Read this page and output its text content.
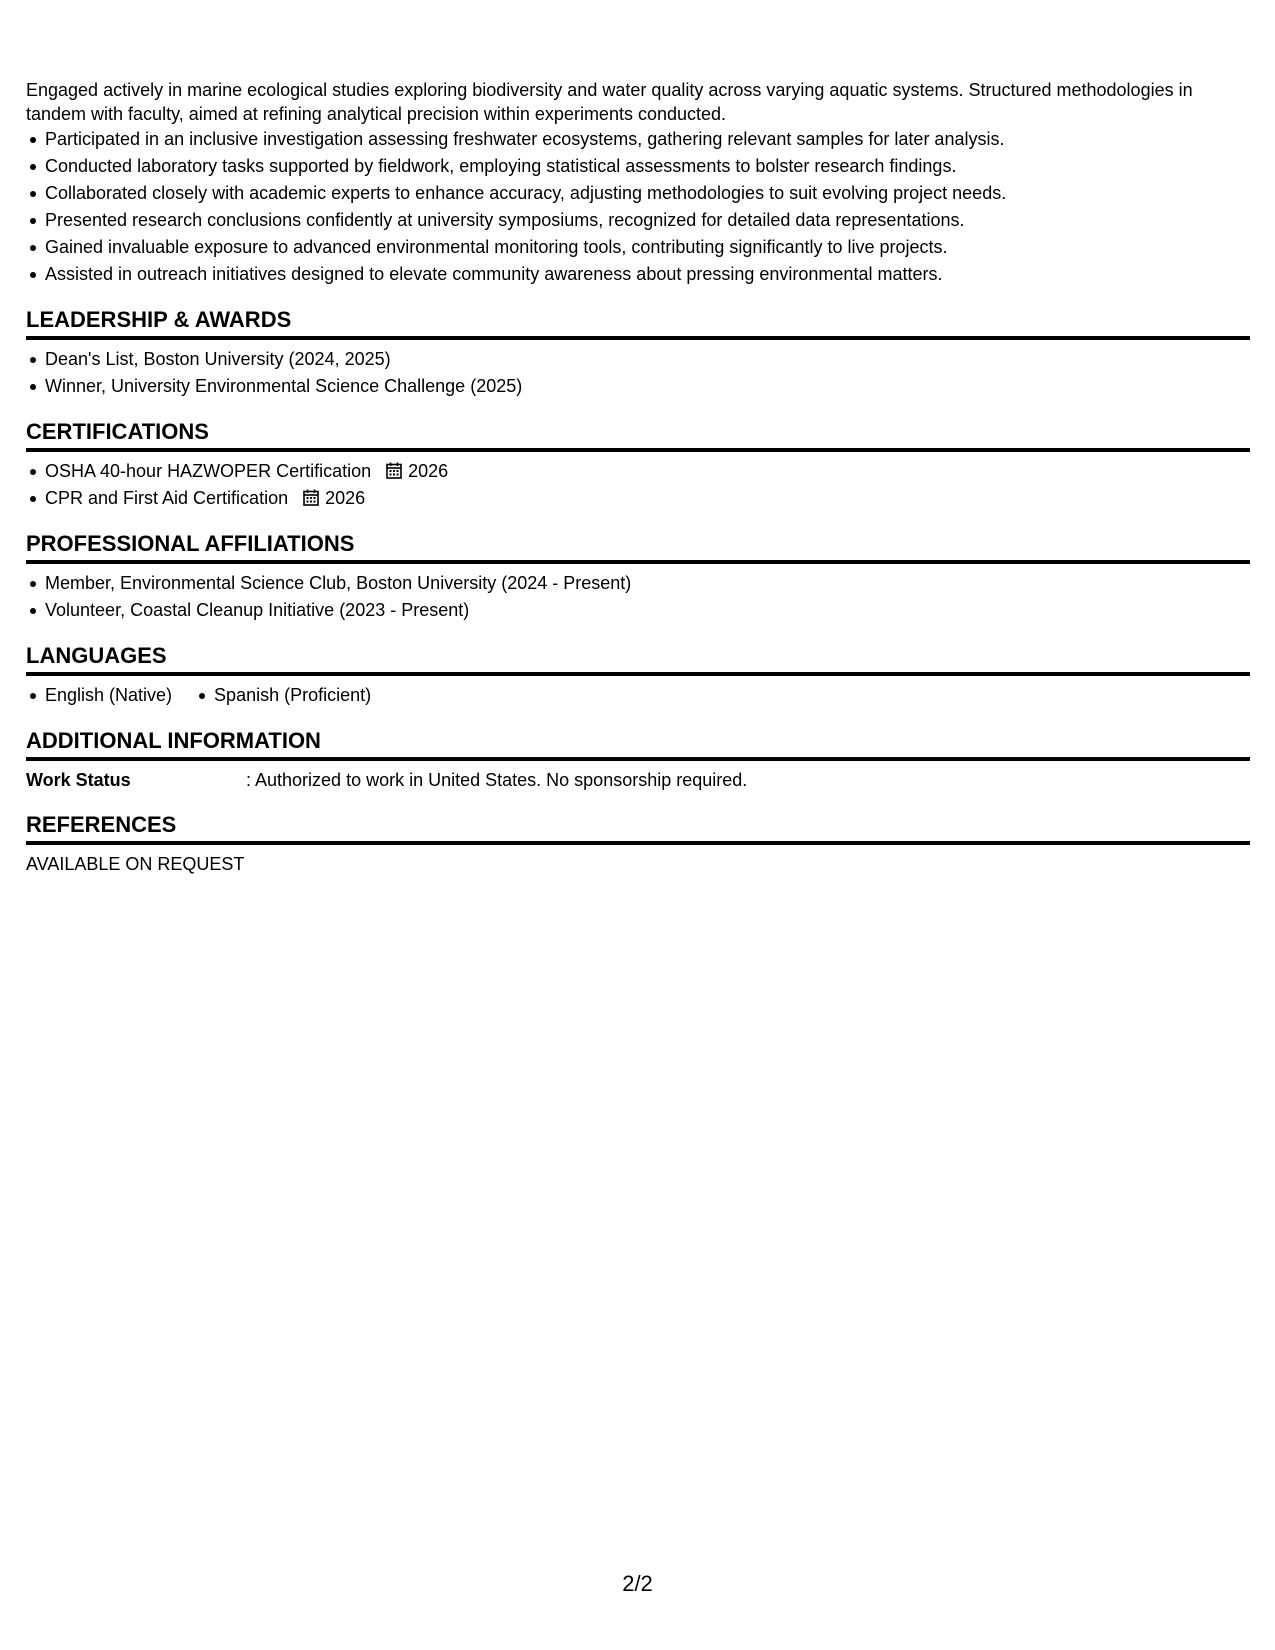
Engaged actively in marine ecological studies exploring biodiversity and water quality across varying aquatic systems. Structured methodologies in tandem with faculty, aimed at refining analytical precision within experiments conducted.

Participated in an inclusive investigation assessing freshwater ecosystems, gathering relevant samples for later analysis.
Conducted laboratory tasks supported by fieldwork, employing statistical assessments to bolster research findings.
Collaborated closely with academic experts to enhance accuracy, adjusting methodologies to suit evolving project needs.
Presented research conclusions confidently at university symposiums, recognized for detailed data representations.
Gained invaluable exposure to advanced environmental monitoring tools, contributing significantly to live projects.
Assisted in outreach initiatives designed to elevate community awareness about pressing environmental matters.
LEADERSHIP & AWARDS
Dean's List, Boston University (2024, 2025)
Winner, University Environmental Science Challenge (2025)
CERTIFICATIONS
OSHA 40-hour HAZWOPER Certification 2026
CPR and First Aid Certification 2026
PROFESSIONAL AFFILIATIONS
Member, Environmental Science Club, Boston University (2024 - Present)
Volunteer, Coastal Cleanup Initiative (2023 - Present)
LANGUAGES
English (Native) Spanish (Proficient)
ADDITIONAL INFORMATION
Work Status	: Authorized to work in United States. No sponsorship required.
REFERENCES

AVAILABLE ON REQUEST

2/2
